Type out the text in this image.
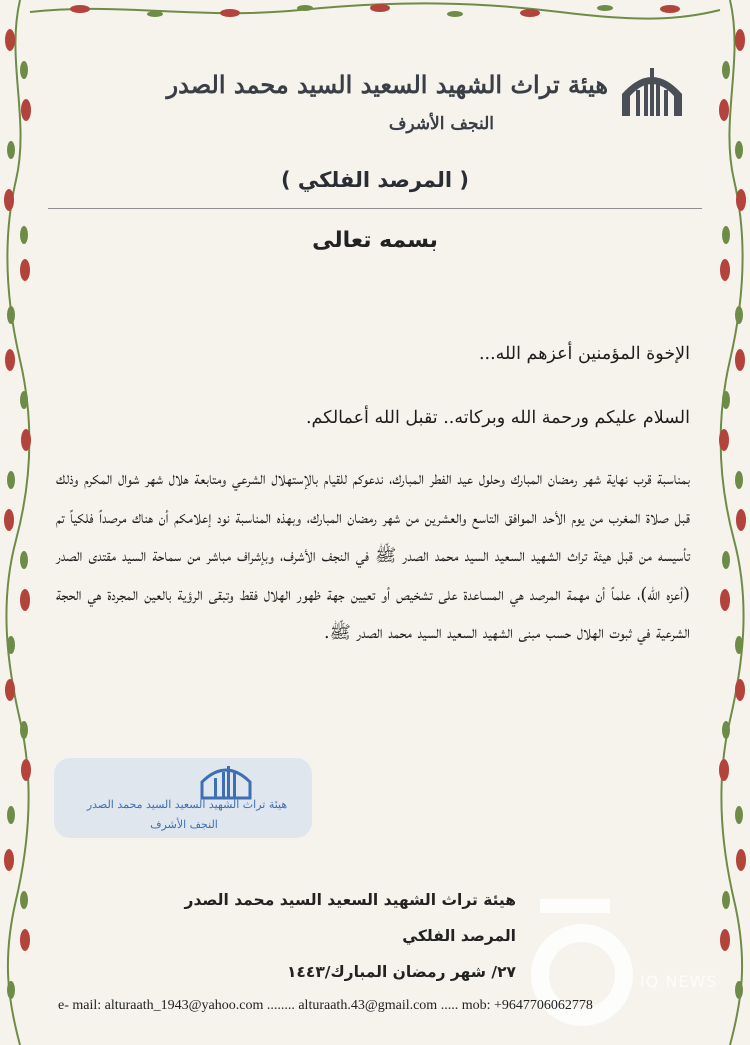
هيئة تراث الشهيد السعيد السيد محمد الصدر
النجف الأشرف
( المرصد الفلكي )
بسمه تعالى
الإخوة المؤمنين أعزهم الله...
السلام عليكم ورحمة الله وبركاته.. تقبل الله أعمالكم.
بمناسبة قرب نهاية شهر رمضان المبارك وحلول عيد الفطر المبارك، ندعوكم للقيام بالإستهلال الشرعي ومتابعة هلال شهر شوال المكرم وذلك قبل صلاة المغرب من يوم الأحد الموافق التاسع والعشرين من شهر رمضان المبارك، وبهذه المناسبة نود إعلامكم أن هناك مرصداً فلكياً تم تأسيسه من قبل هيئة تراث الشهيد السعيد السيد محمد الصدر ﷺ في النجف الأشرف، وبإشراف مباشر من سماحة السيد مقتدى الصدر (أعزه الله)، علماً أن مهمة المرصد هي المساعدة على تشخيص أو تعيين جهة ظهور الهلال فقط وتبقى الرؤية بالعين المجردة هي الحجة الشرعية في ثبوت الهلال حسب مبنى الشهيد السعيد السيد محمد الصدر ﷺ.
هيئة تراث الشهيد السعيد السيد محمد الصدر
المرصد الفلكي
٢٧/ شهر رمضان المبارك/١٤٤٣
هيئة تراث الشهيد السعيد السيد محمد الصدر
النجف الأشرف
IQ NEWS
e- mail: alturaath_1943@yahoo.com ........ alturaath.43@gmail.com ..... mob: +9647706062778
